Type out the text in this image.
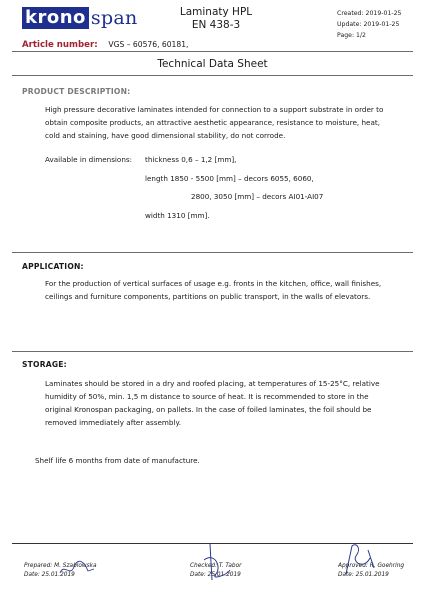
krono span	Laminaty HPL
EN 438-3
Created: 2019-01-25
Update: 2019-01-25
Page: 1/2
Article number: VGS – 60576, 60181,
Technical Data Sheet
PRODUCT DESCRIPTION:
High pressure decorative laminates intended for connection to a support substrate in order to
obtain composite products, an attractive aesthetic appearance, resistance to moisture, heat,
cold and staining, have good dimensional stability, do not corrode.
Available in dimensions: thickness 0,6 – 1,2 [mm],
length 1850 - 5500 [mm] – decors 6055, 6060,
2800, 3050 [mm] – decors AI01-AI07
width 1310 [mm].
APPLICATION:
For the production of vertical surfaces of usage e.g. fronts in the kitchen, office, wall finishes,
ceilings and furniture components, partitions on public transport, in the walls of elevators.
STORAGE:
Laminates should be stored in a dry and roofed placing, at temperatures of 15-25°C, relative
humidity of 50%, min. 1,5 m distance to source of heat. It is recommended to store in the
original Kronospan packaging, on pallets. In the case of foiled laminates, the foil should be
removed immediately after assembly.
Shelf life 6 months from date of manufacture.
Prepared: M. Szablowska
Date: 25.01.2019
Checked: T. Tabor
Date: 25.01.2019
Approved: R. Goehring
Date: 25.01.2019
